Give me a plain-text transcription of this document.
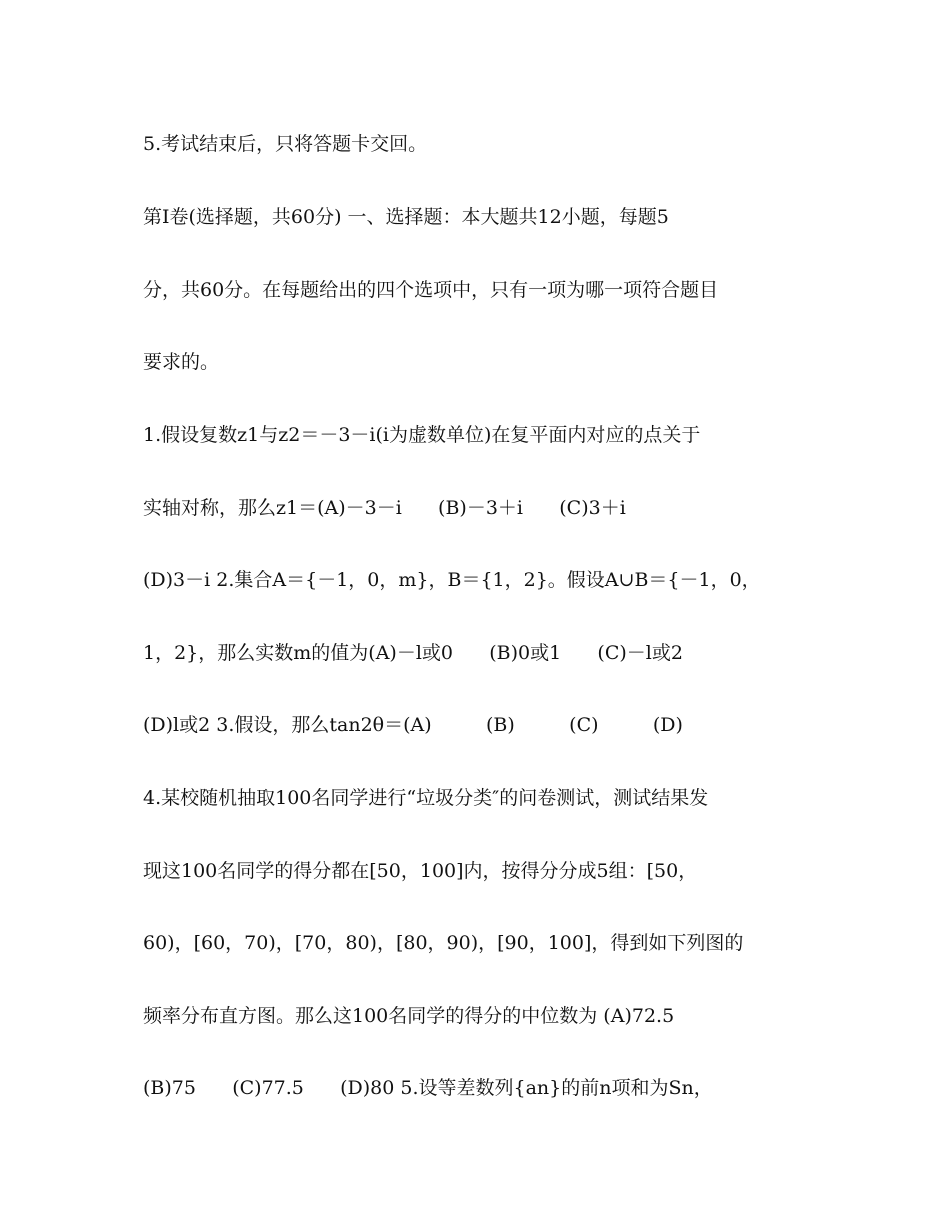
5.考试结束后，只将答题卡交回。
第Ⅰ卷(选择题，共60分) 一、选择题：本大题共12小题，每题5
分，共60分。在每题给出的四个选项中，只有一项为哪一项符合题目
要求的。
1.假设复数z1与z2＝－3－i(i为虚数单位)在复平面内对应的点关于
实轴对称，那么z1＝(A)－3－i      (B)－3＋i      (C)3＋i
(D)3－i 2.集合A＝{－1，0，m}，B＝{1，2}。假设A∪B＝{－1，0，
1，2}，那么实数m的值为(A)－l或0      (B)0或1      (C)－l或2
(D)l或2 3.假设，那么tan2θ＝(A)         (B)         (C)         (D)
4.某校随机抽取100名同学进行“垃圾分类″的问卷测试，测试结果发
现这100名同学的得分都在[50，100]内，按得分分成5组：[50，
60)，[60，70)，[70，80)，[80，90)，[90，100]，得到如下列图的
频率分布直方图。那么这100名同学的得分的中位数为 (A)72.5
(B)75      (C)77.5      (D)80 5.设等差数列{an}的前n项和为Sn，
